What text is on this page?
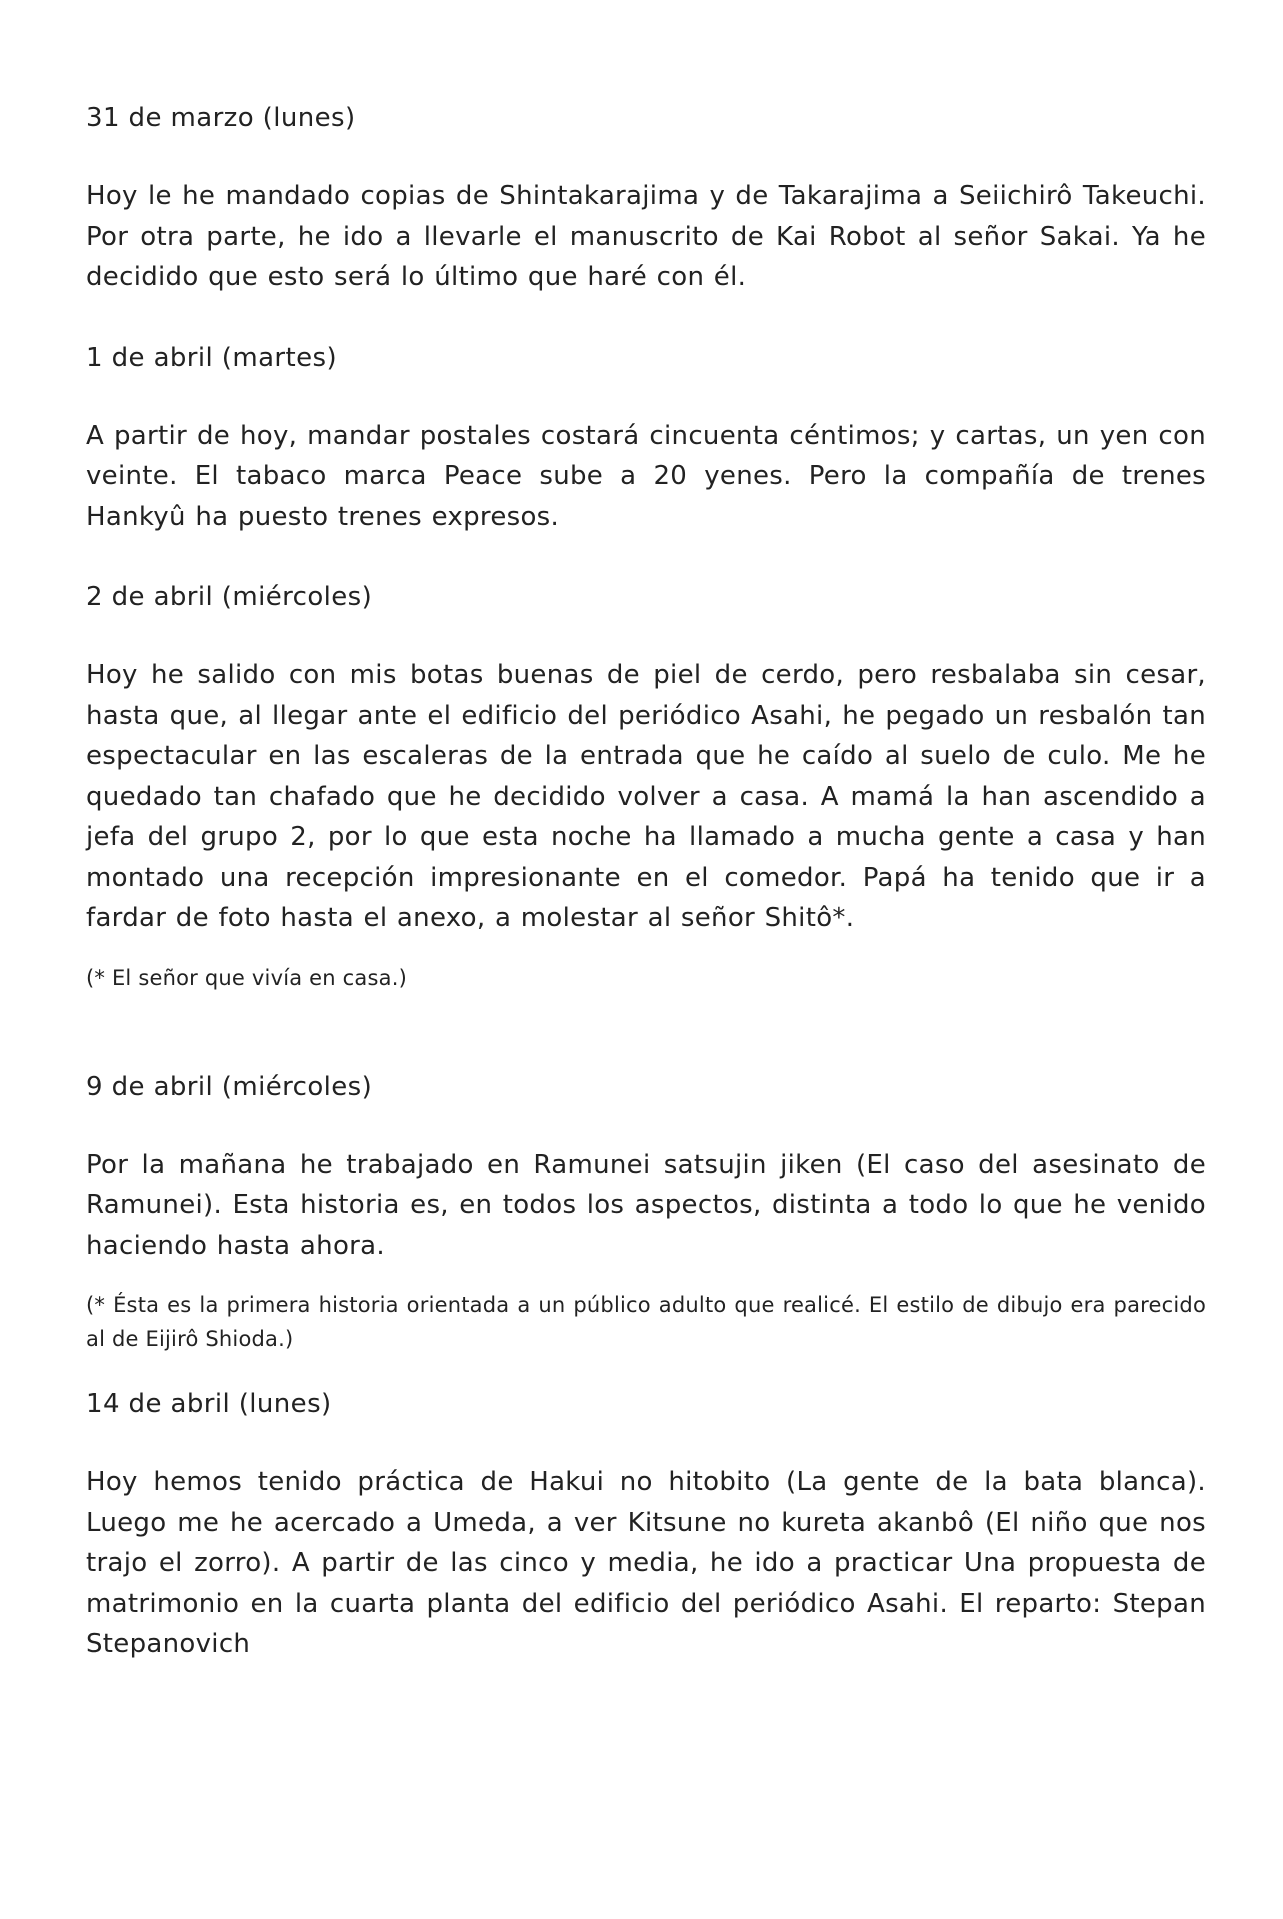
31 de marzo (lunes)

Hoy le he mandado copias de Shintakarajima y de Takarajima a Seiichirô Takeuchi. Por otra parte, he ido a llevarle el manuscrito de Kai Robot al señor Sakai. Ya he decidido que esto será lo último que haré con él.

1 de abril (martes)

A partir de hoy, mandar postales costará cincuenta céntimos; y cartas, un yen con veinte. El tabaco marca Peace sube a 20 yenes. Pero la compañía de trenes Hankyû ha puesto trenes expresos.

2 de abril (miércoles)

Hoy he salido con mis botas buenas de piel de cerdo, pero resbalaba sin cesar, hasta que, al llegar ante el edificio del periódico Asahi, he pegado un resbalón tan espectacular en las escaleras de la entrada que he caído al suelo de culo. Me he quedado tan chafado que he decidido volver a casa. A mamá la han ascendido a jefa del grupo 2, por lo que esta noche ha llamado a mucha gente a casa y han montado una recepción impresionante en el comedor. Papá ha tenido que ir a fardar de foto hasta el anexo, a molestar al señor Shitô*.

(* El señor que vivía en casa.)

9 de abril (miércoles)

Por la mañana he trabajado en Ramunei satsujin jiken (El caso del asesinato de Ramunei). Esta historia es, en todos los aspectos, distinta a todo lo que he venido haciendo hasta ahora.

(* Ésta es la primera historia orientada a un público adulto que realicé. El estilo de dibujo era parecido al de Eijirô Shioda.)

14 de abril (lunes)

Hoy hemos tenido práctica de Hakui no hitobito (La gente de la bata blanca). Luego me he acercado a Umeda, a ver Kitsune no kureta akanbô (El niño que nos trajo el zorro). A partir de las cinco y media, he ido a practicar Una propuesta de matrimonio en la cuarta planta del edificio del periódico Asahi. El reparto: Stepan Stepanovich
